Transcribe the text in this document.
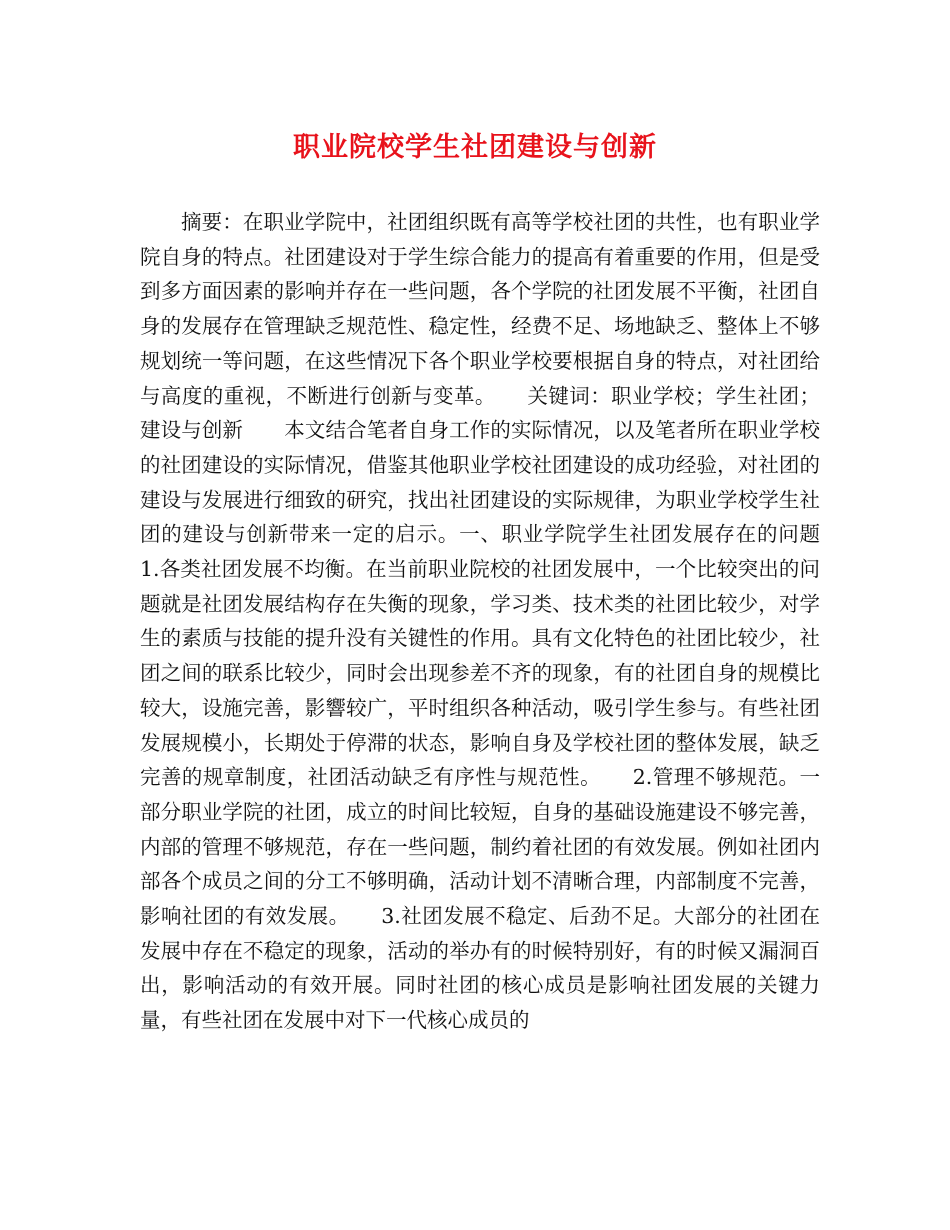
职业院校学生社团建设与创新

摘要：在职业学院中，社团组织既有高等学校社团的共性，也有职业学院自身的特点。社团建设对于学生综合能力的提高有着重要的作用，但是受到多方面因素的影响并存在一些问题，各个学院的社团发展不平衡，社团自身的发展存在管理缺乏规范性、稳定性，经费不足、场地缺乏、整体上不够规划统一等问题，在这些情况下各个职业学校要根据自身的特点，对社团给与高度的重视，不断进行创新与变革。　　关键词：职业学校；学生社团；建设与创新　　本文结合笔者自身工作的实际情况，以及笔者所在职业学校的社团建设的实际情况，借鉴其他职业学校社团建设的成功经验，对社团的建设与发展进行细致的研究，找出社团建设的实际规律，为职业学校学生社团的建设与创新带来一定的启示。一、职业学院学生社团发展存在的问题　　1.各类社团发展不均衡。在当前职业院校的社团发展中，一个比较突出的问题就是社团发展结构存在失衡的现象，学习类、技术类的社团比较少，对学生的素质与技能的提升没有关键性的作用。具有文化特色的社团比较少，社团之间的联系比较少，同时会出现参差不齐的现象，有的社团自身的规模比较大，设施完善，影響较广，平时组织各种活动，吸引学生参与。有些社团发展规模小，长期处于停滞的状态，影响自身及学校社团的整体发展，缺乏完善的规章制度，社团活动缺乏有序性与规范性。　　2.管理不够规范。一部分职业学院的社团，成立的时间比较短，自身的基础设施建设不够完善，内部的管理不够规范，存在一些问题，制约着社团的有效发展。例如社团内部各个成员之间的分工不够明确，活动计划不清晰合理，内部制度不完善，影响社团的有效发展。　　3.社团发展不稳定、后劲不足。大部分的社团在发展中存在不稳定的现象，活动的举办有的时候特别好，有的时候又漏洞百出，影响活动的有效开展。同时社团的核心成员是影响社团发展的关键力量，有些社团在发展中对下一代核心成员的
